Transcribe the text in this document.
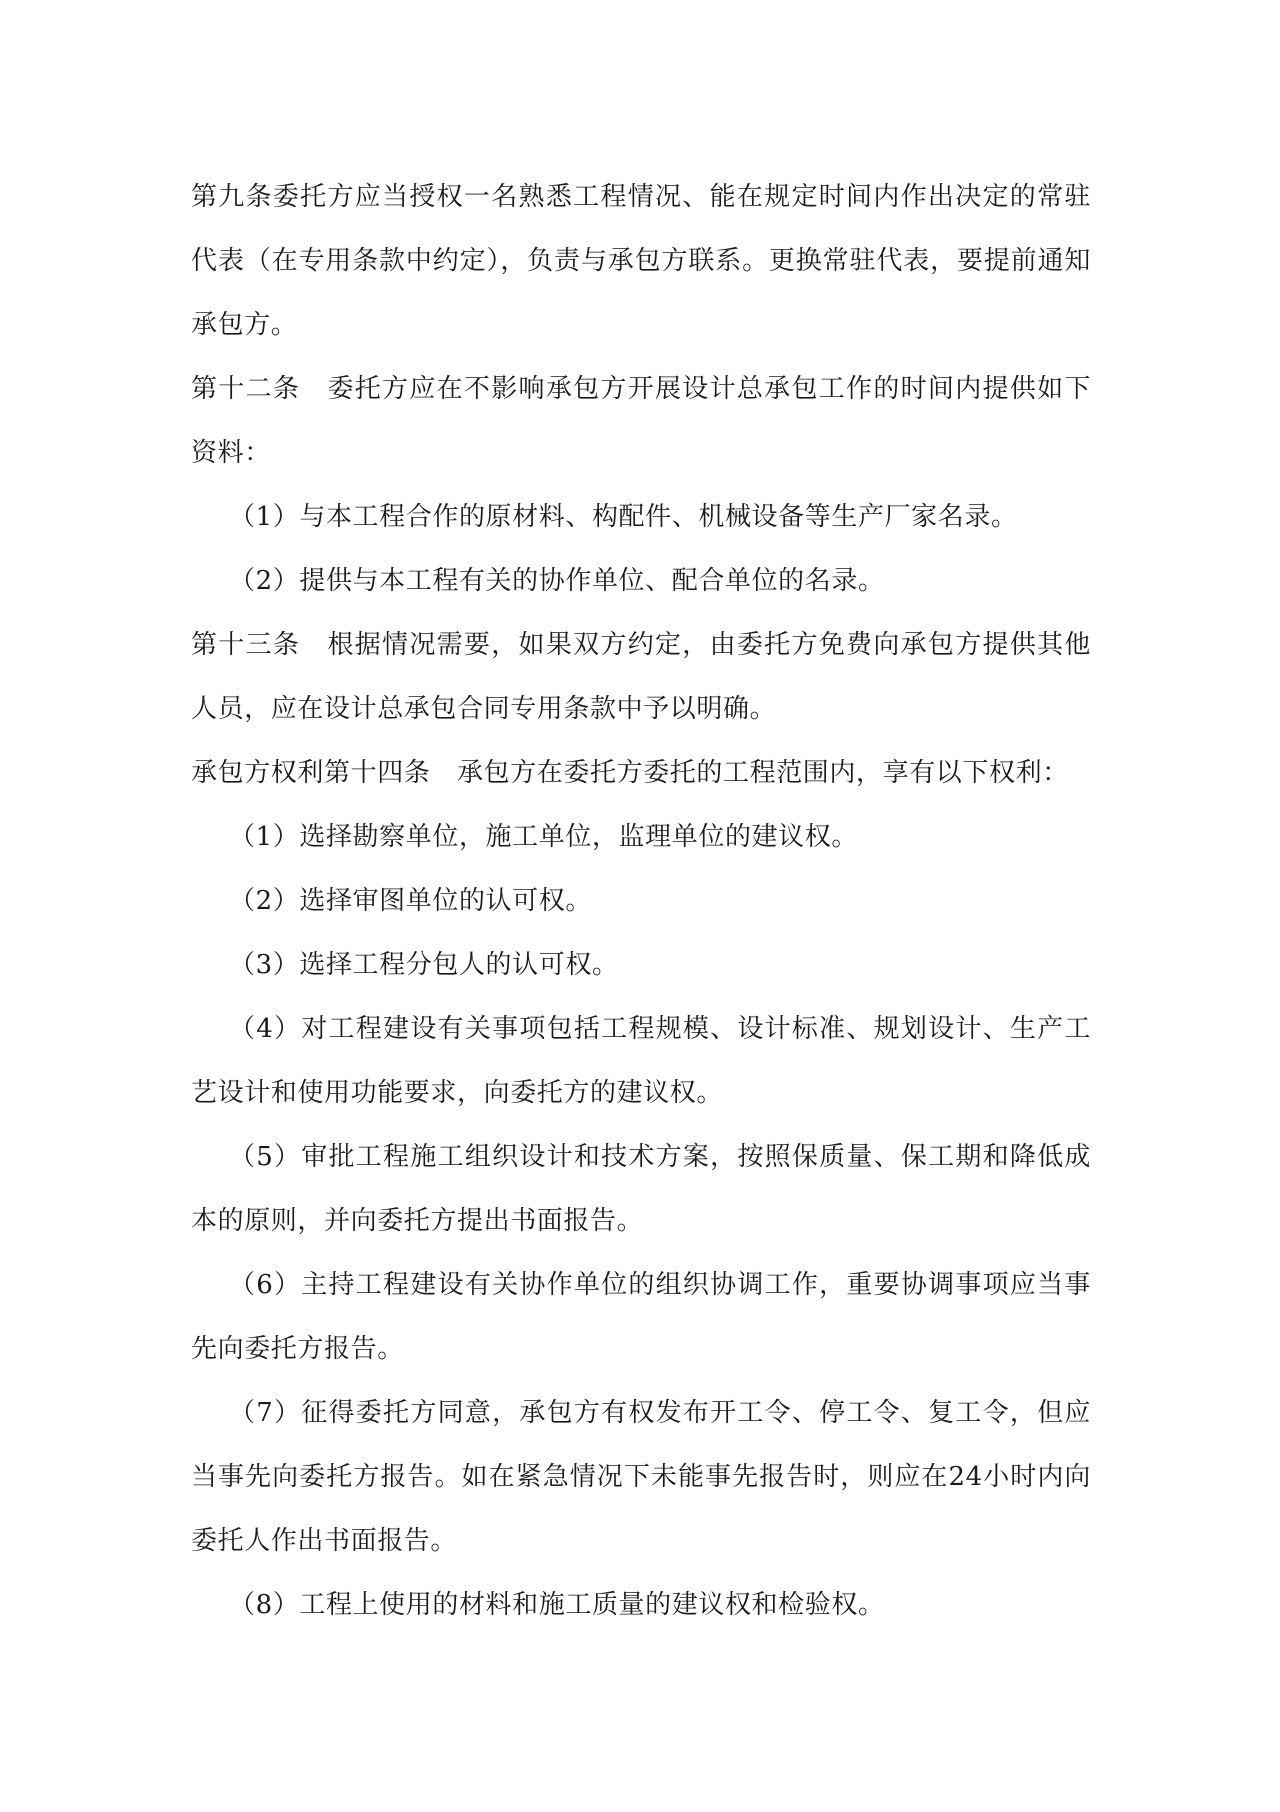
第九条委托方应当授权一名熟悉工程情况、能在规定时间内作出决定的常驻代表（在专用条款中约定），负责与承包方联系。更换常驻代表，要提前通知承包方。

第十二条　委托方应在不影响承包方开展设计总承包工作的时间内提供如下资料：

（1）与本工程合作的原材料、构配件、机械设备等生产厂家名录。

（2）提供与本工程有关的协作单位、配合单位的名录。

第十三条　根据情况需要，如果双方约定，由委托方免费向承包方提供其他人员，应在设计总承包合同专用条款中予以明确。

承包方权利第十四条　承包方在委托方委托的工程范围内，享有以下权利：

（1）选择勘察单位，施工单位，监理单位的建议权。

（2）选择审图单位的认可权。

（3）选择工程分包人的认可权。

（4）对工程建设有关事项包括工程规模、设计标准、规划设计、生产工艺设计和使用功能要求，向委托方的建议权。

（5）审批工程施工组织设计和技术方案，按照保质量、保工期和降低成本的原则，并向委托方提出书面报告。

（6）主持工程建设有关协作单位的组织协调工作，重要协调事项应当事先向委托方报告。

（7）征得委托方同意，承包方有权发布开工令、停工令、复工令，但应当事先向委托方报告。如在紧急情况下未能事先报告时，则应在24小时内向委托人作出书面报告。

（8）工程上使用的材料和施工质量的建议权和检验权。
